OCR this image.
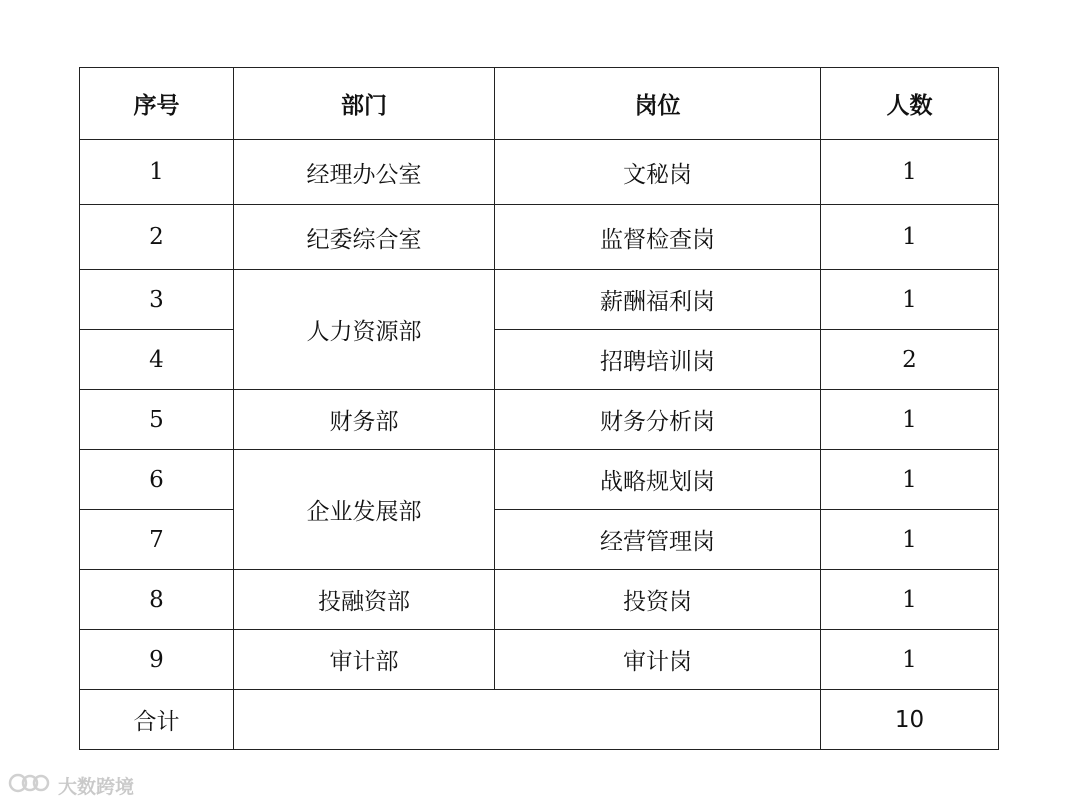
序号	部门	岗位	人数
1	经理办公室	文秘岗	1
2	纪委综合室	监督检查岗	1
3	人力资源部	薪酬福利岗	1
4		招聘培训岗	2
5	财务部	财务分析岗	1
6	企业发展部	战略规划岗	1
7		经营管理岗	1
8	投融资部	投资岗	1
9	审计部	审计岗	1
合计			10
大数跨境
